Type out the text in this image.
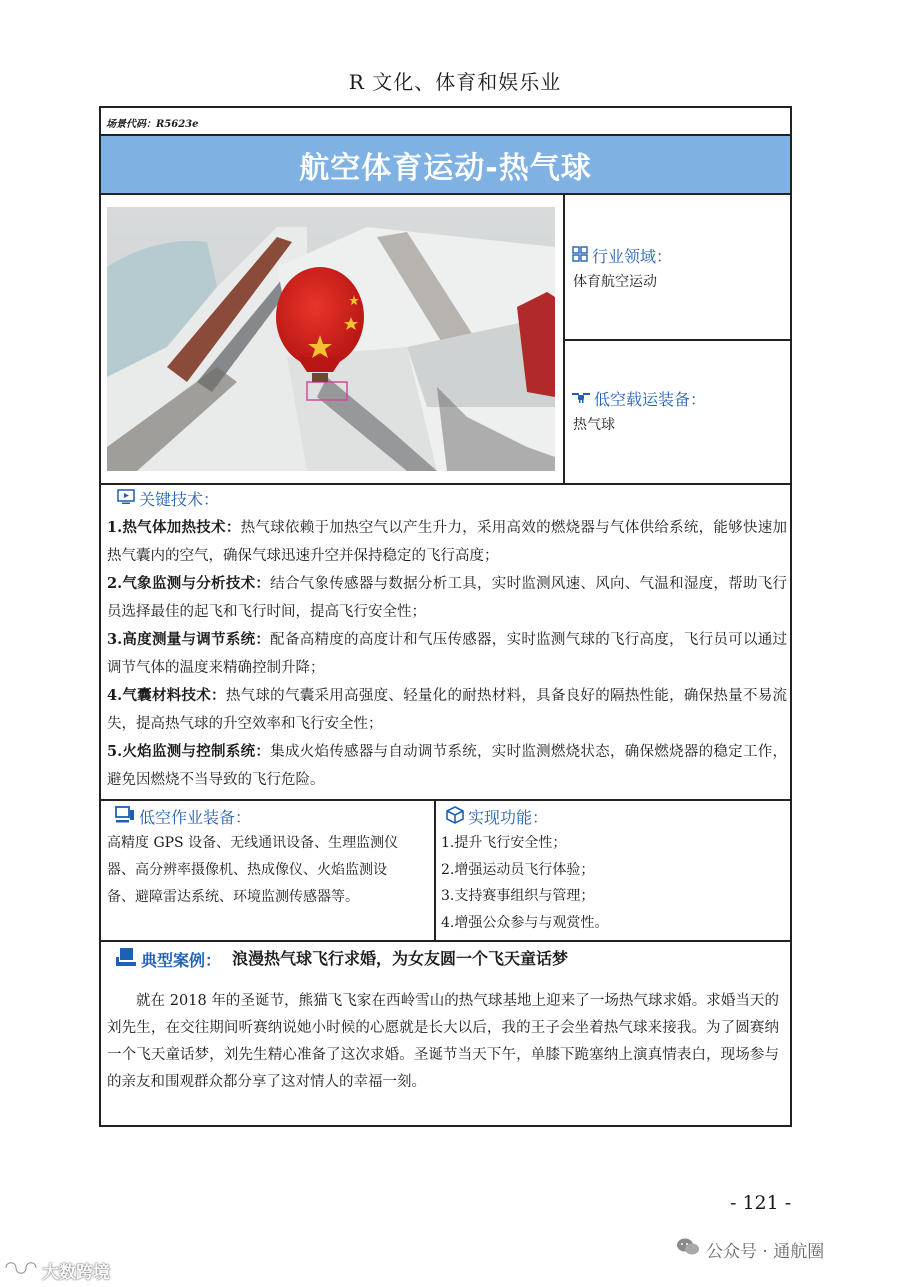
R 文化、体育和娱乐业
场景代码：R5623e
航空体育运动-热气球
行业领域：
体育航空运动
低空载运装备：
热气球
关键技术：

1.热气体加热技术：热气球依赖于加热空气以产生升力，采用高效的燃烧器与气体供给系统，能够快速加热气囊内的空气，确保气球迅速升空并保持稳定的飞行高度；

2.气象监测与分析技术：结合气象传感器与数据分析工具，实时监测风速、风向、气温和湿度，帮助飞行员选择最佳的起飞和飞行时间，提高飞行安全性；

3.高度测量与调节系统：配备高精度的高度计和气压传感器，实时监测气球的飞行高度，飞行员可以通过调节气体的温度来精确控制升降；

4.气囊材料技术：热气球的气囊采用高强度、轻量化的耐热材料，具备良好的隔热性能，确保热量不易流失，提高热气球的升空效率和飞行安全性；

5.火焰监测与控制系统：集成火焰传感器与自动调节系统，实时监测燃烧状态，确保燃烧器的稳定工作，避免因燃烧不当导致的飞行危险。

低空作业装备：
高精度 GPS 设备、无线通讯设备、生理监测仪
器、高分辨率摄像机、热成像仪、火焰监测设
备、避障雷达系统、环境监测传感器等。
实现功能：
1.提升飞行安全性；
2.增强运动员飞行体验；
3.支持赛事组织与管理；
4.增强公众参与与观赏性。
典型案例： 浪漫热气球飞行求婚，为女友圆一个飞天童话梦
就在 2018 年的圣诞节，熊猫飞飞家在西岭雪山的热气球基地上迎来了一场热气球求婚。求婚当天的刘先生，在交往期间听赛纳说她小时候的心愿就是长大以后，我的王子会坐着热气球来接我。为了圆赛纳一个飞天童话梦，刘先生精心准备了这次求婚。圣诞节当天下午，单膝下跪塞纳上演真情表白，现场参与的亲友和围观群众都分享了这对情人的幸福一刻。
- 121 -
公众号 · 通航圈
大数跨境
